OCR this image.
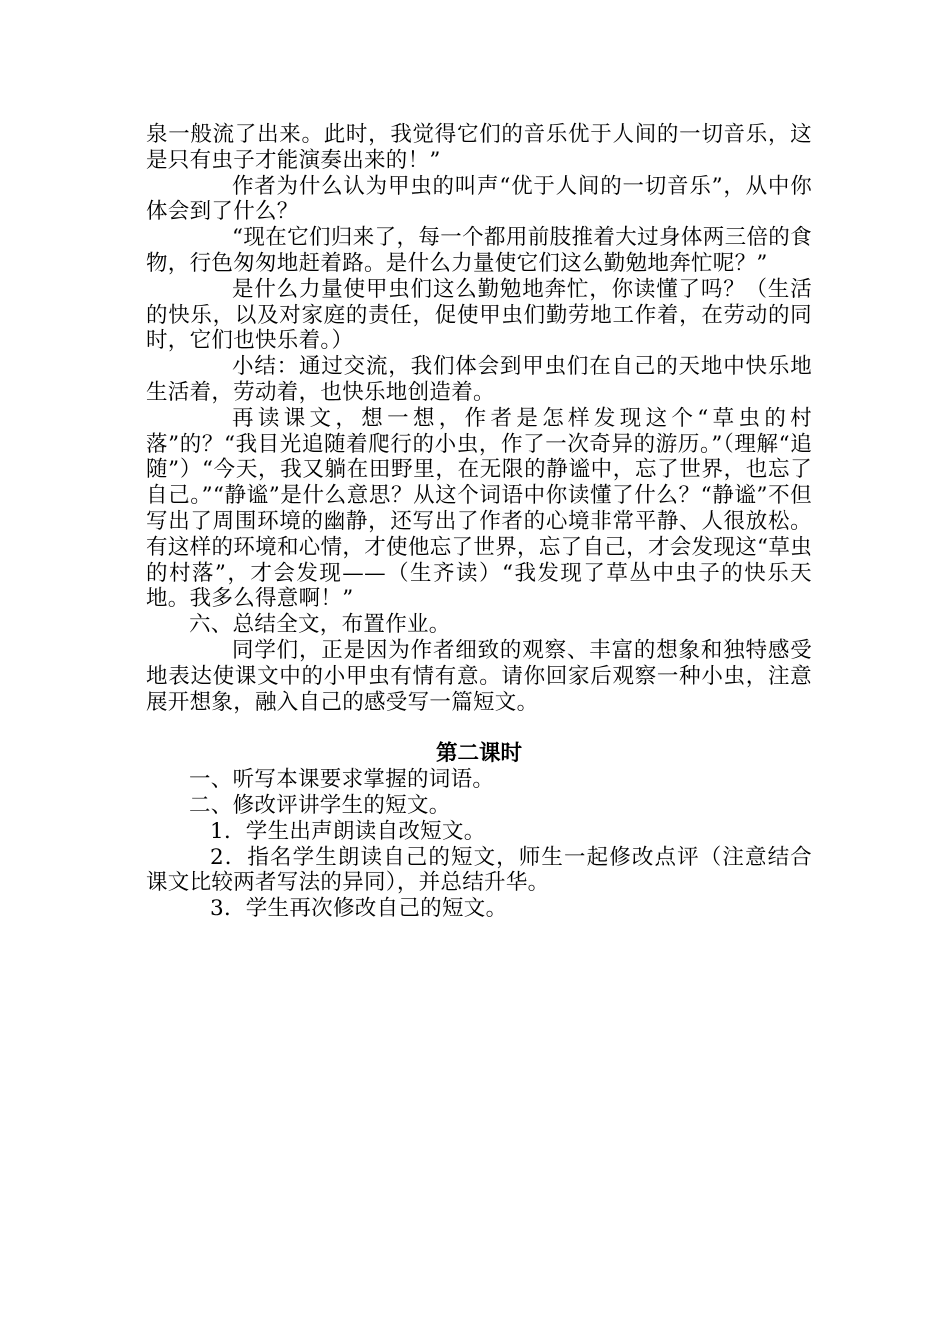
泉一般流了出来。此时，我觉得它们的音乐优于人间的一切音乐，这是只有虫子才能演奏出来的！”

作者为什么认为甲虫的叫声“优于人间的一切音乐”，从中你体会到了什么？

“现在它们归来了，每一个都用前肢推着大过身体两三倍的食物，行色匆匆地赶着路。是什么力量使它们这么勤勉地奔忙呢？”

是什么力量使甲虫们这么勤勉地奔忙，你读懂了吗？（生活的快乐，以及对家庭的责任，促使甲虫们勤劳地工作着，在劳动的同时，它们也快乐着。）

小结：通过交流，我们体会到甲虫们在自己的天地中快乐地生活着，劳动着，也快乐地创造着。

再读课文，想一想，作者是怎样发现这个“草虫的村落”的？“我目光追随着爬行的小虫，作了一次奇异的游历。”（理解“追随”）“今天，我又躺在田野里，在无限的静谧中，忘了世界，也忘了自己。”“静谧”是什么意思？从这个词语中你读懂了什么？“静谧”不但写出了周围环境的幽静，还写出了作者的心境非常平静、人很放松。有这样的环境和心情，才使他忘了世界，忘了自己，才会发现这“草虫的村落”，才会发现——（生齐读）“我发现了草丛中虫子的快乐天地。我多么得意啊！”

六、总结全文，布置作业。

同学们，正是因为作者细致的观察、丰富的想象和独特感受地表达使课文中的小甲虫有情有意。请你回家后观察一种小虫，注意展开想象，融入自己的感受写一篇短文。

第二课时

一、听写本课要求掌握的词语。

二、修改评讲学生的短文。

1．学生出声朗读自改短文。

2．指名学生朗读自己的短文，师生一起修改点评（注意结合课文比较两者写法的异同），并总结升华。

3．学生再次修改自己的短文。
